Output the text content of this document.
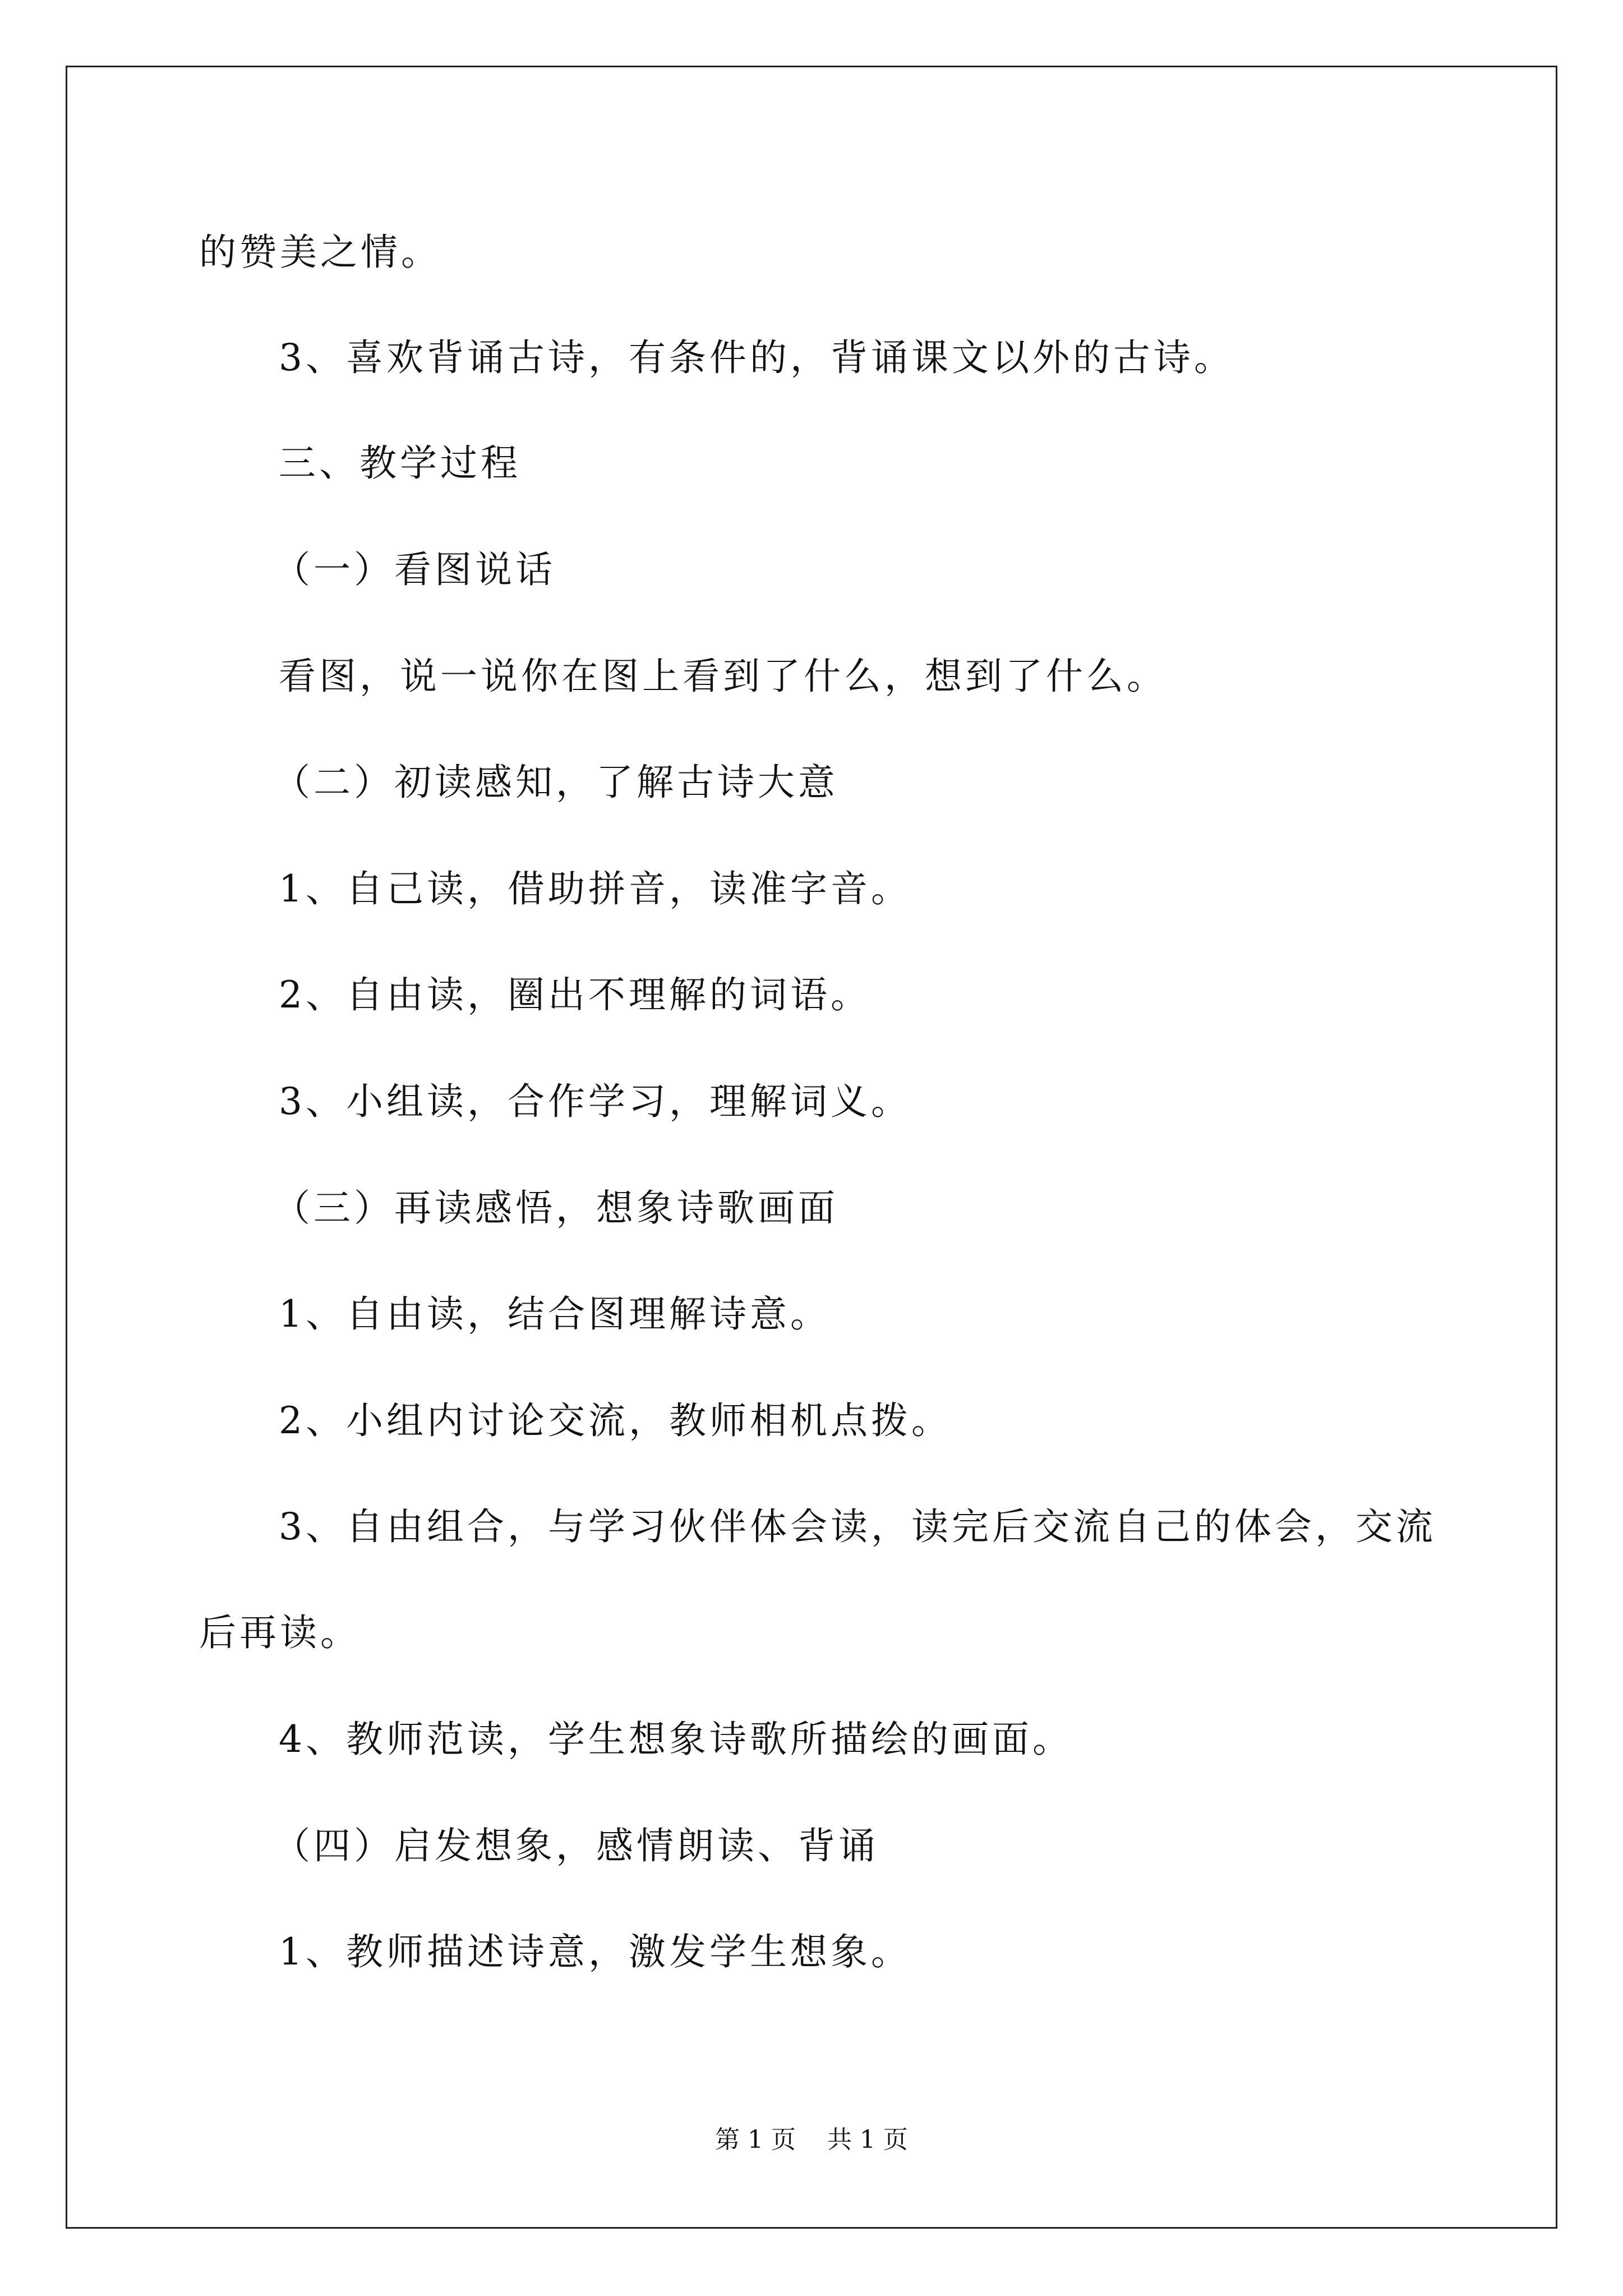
的赞美之情。
3、喜欢背诵古诗，有条件的，背诵课文以外的古诗。
三、教学过程
（一）看图说话
看图，说一说你在图上看到了什么，想到了什么。
（二）初读感知，了解古诗大意
1、自己读，借助拼音，读准字音。
2、自由读，圈出不理解的词语。
3、小组读，合作学习，理解词义。
（三）再读感悟，想象诗歌画面
1、自由读，结合图理解诗意。
2、小组内讨论交流，教师相机点拨。
3、自由组合，与学习伙伴体会读，读完后交流自己的体会，交流
后再读。
4、教师范读，学生想象诗歌所描绘的画面。
（四）启发想象，感情朗读、背诵
1、教师描述诗意，激发学生想象。
第 1 页    共 1 页
